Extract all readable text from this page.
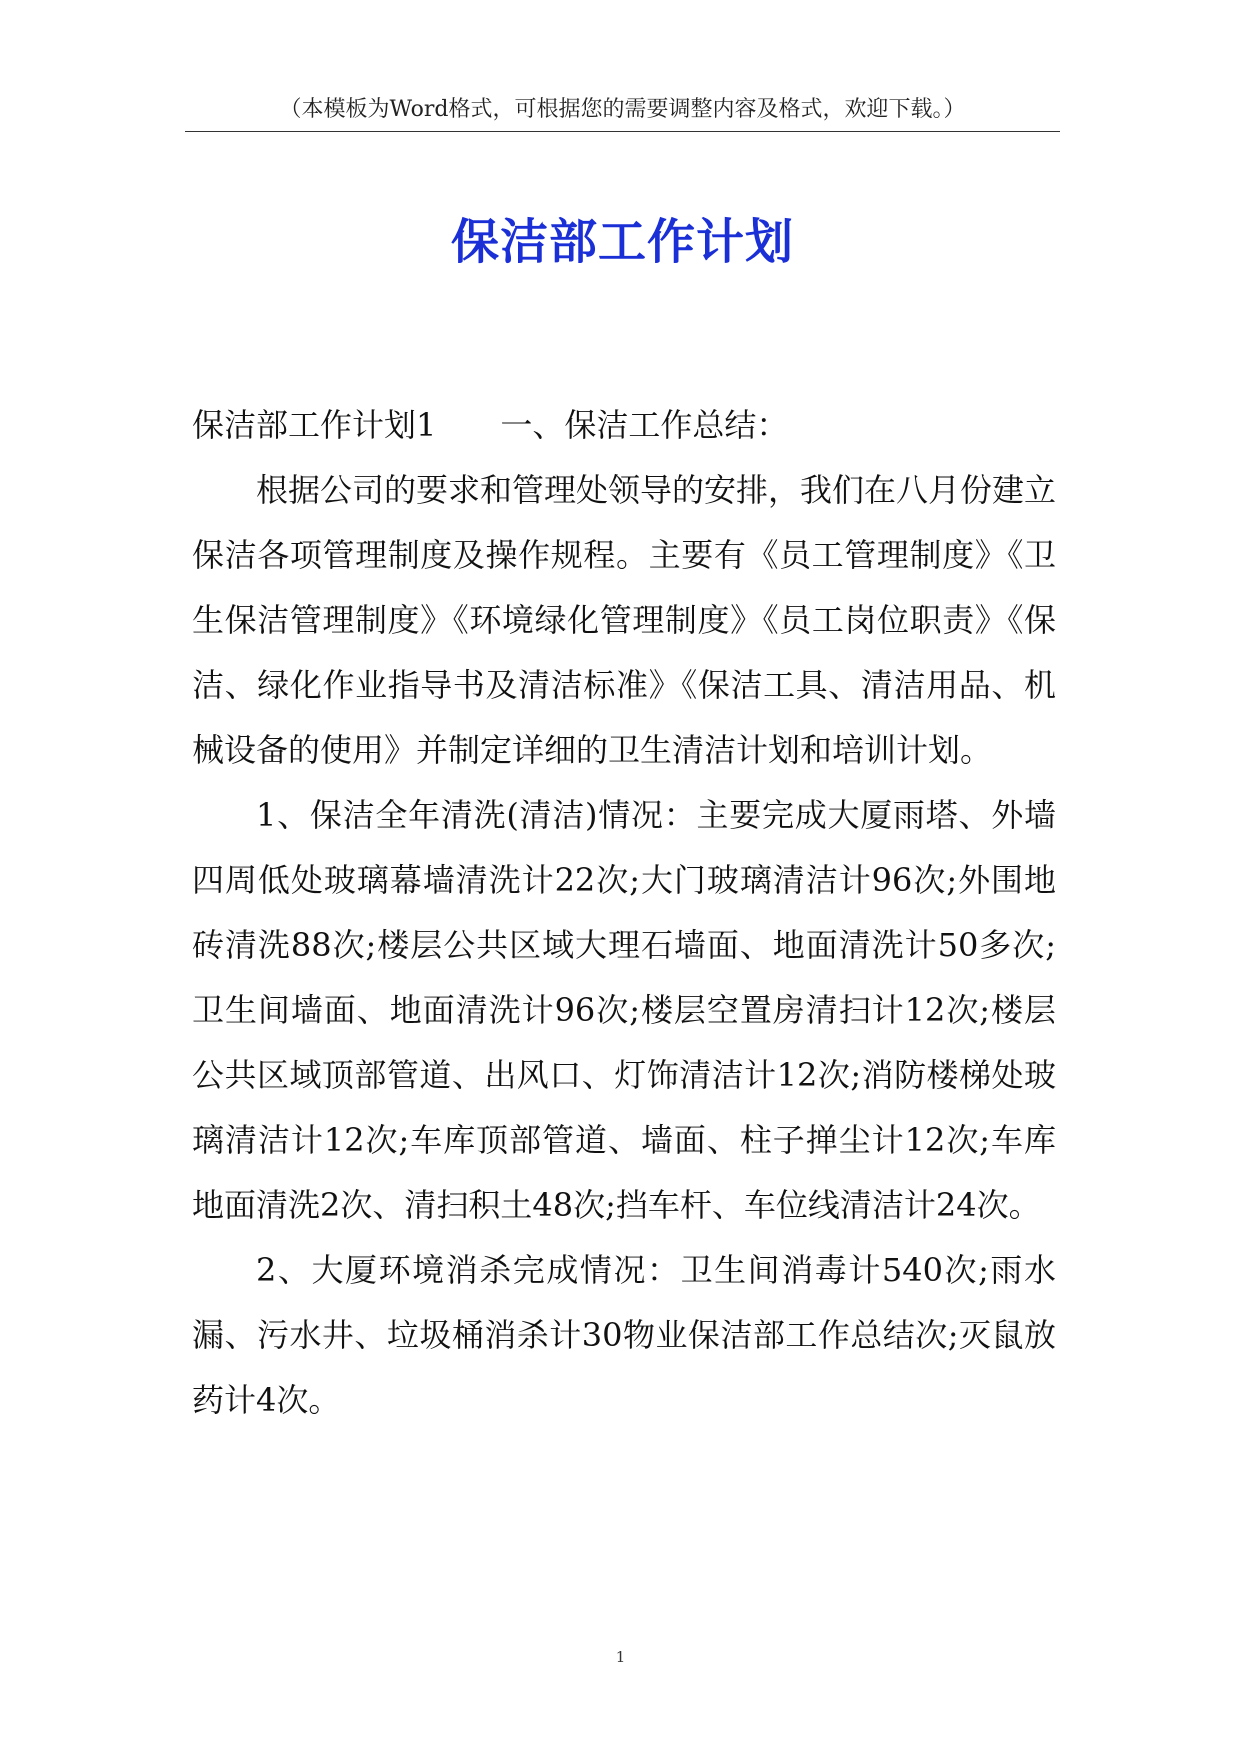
（本模板为Word格式，可根据您的需要调整内容及格式，欢迎下载。）
保洁部工作计划

保洁部工作计划1 一、保洁工作总结：

根据公司的要求和管理处领导的安排，我们在八月份建立保洁各项管理制度及操作规程。主要有《员工管理制度》《卫生保洁管理制度》《环境绿化管理制度》《员工岗位职责》《保洁、绿化作业指导书及清洁标准》《保洁工具、清洁用品、机械设备的使用》并制定详细的卫生清洁计划和培训计划。

1、保洁全年清洗(清洁)情况：主要完成大厦雨塔、外墙四周低处玻璃幕墙清洗计22次;大门玻璃清洁计96次;外围地砖清洗88次;楼层公共区域大理石墙面、地面清洗计50多次;卫生间墙面、地面清洗计96次;楼层空置房清扫计12次;楼层公共区域顶部管道、出风口、灯饰清洁计12次;消防楼梯处玻璃清洁计12次;车库顶部管道、墙面、柱子掸尘计12次;车库地面清洗2次、清扫积土48次;挡车杆、车位线清洁计24次。

2、大厦环境消杀完成情况：卫生间消毒计540次;雨水漏、污水井、垃圾桶消杀计30物业保洁部工作总结次;灭鼠放药计4次。

1
